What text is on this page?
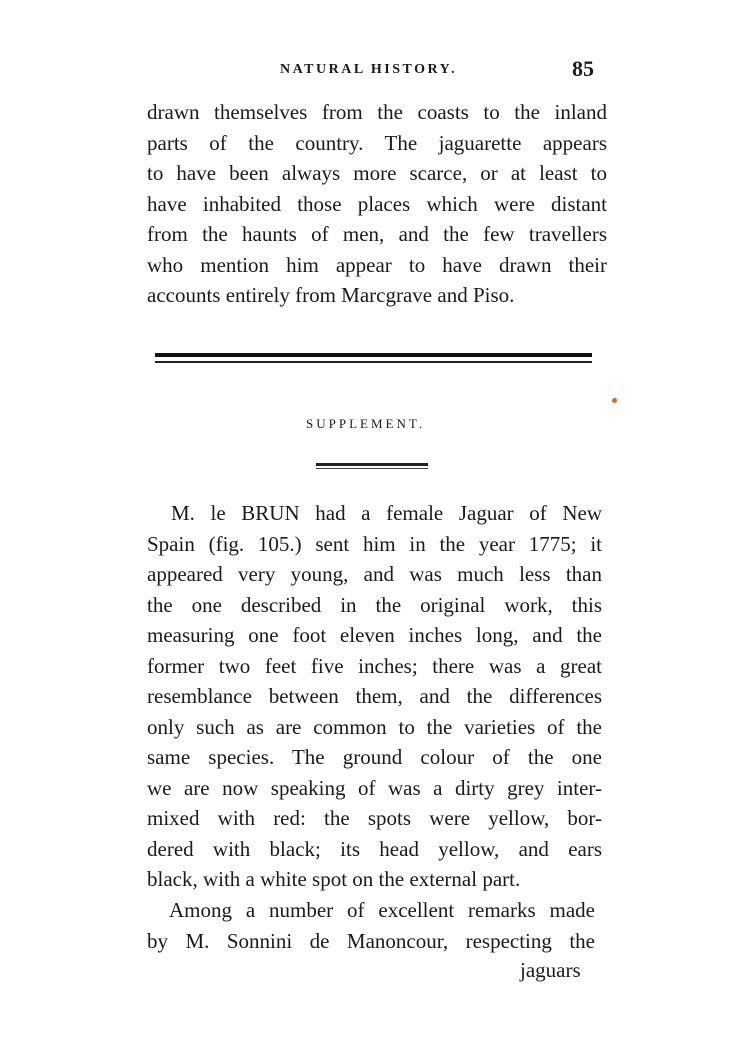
NATURAL HISTORY.	85
drawn themselves from the coasts to the inland
parts of the country. The jaguarette appears
to have been always more scarce, or at least to
have inhabited those places which were distant
from the haunts of men, and the few travellers
who mention him appear to have drawn their
accounts entirely from Marcgrave and Piso.
SUPPLEMENT.
M. le BRUN had a female Jaguar of New
Spain (fig. 105.) sent him in the year 1775; it
appeared very young, and was much less than
the one described in the original work, this
measuring one foot eleven inches long, and the
former two feet five inches; there was a great
resemblance between them, and the differences
only such as are common to the varieties of the
same species. The ground colour of the one
we are now speaking of was a dirty grey inter-
mixed with red: the spots were yellow, bor-
dered with black; its head yellow, and ears
black, with a white spot on the external part.
Among a number of excellent remarks made
by M. Sonnini de Manoncour, respecting the
jaguars
